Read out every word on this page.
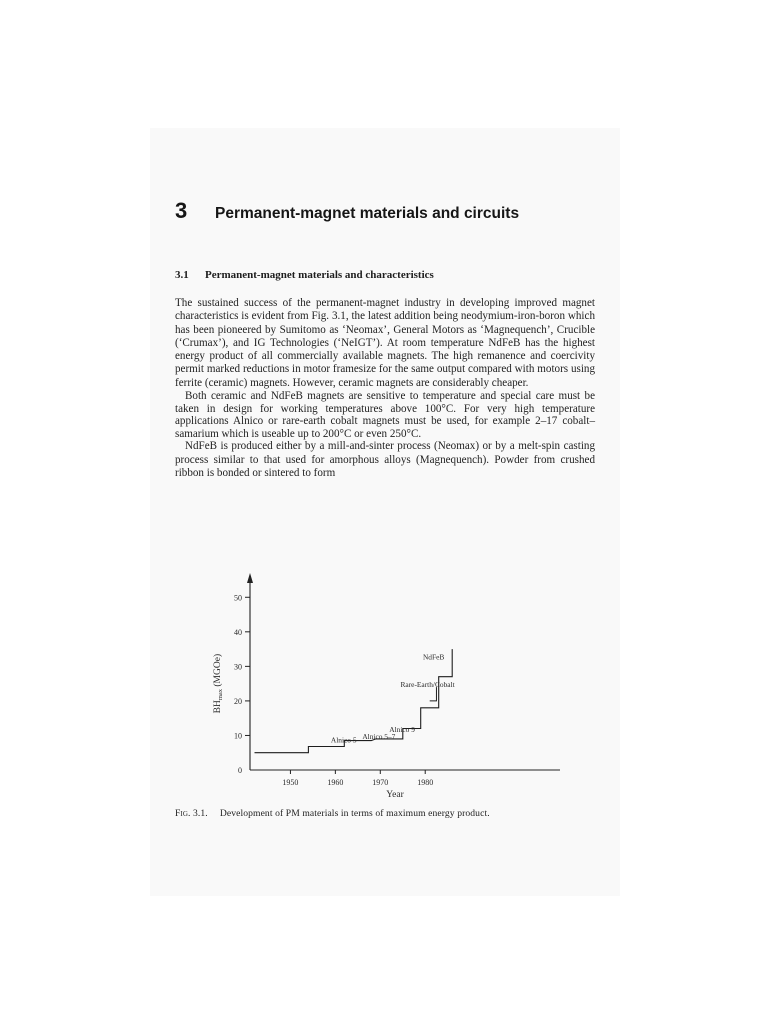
3 Permanent-magnet materials and circuits
3.1 Permanent-magnet materials and characteristics

The sustained success of the permanent-magnet industry in developing improved magnet characteristics is evident from Fig. 3.1, the latest addition being neodymium-iron-boron which has been pioneered by Sumitomo as ‘Neomax’, General Motors as ‘Magnequench’, Crucible (‘Crumax’), and IG Technologies (‘NeIGT’). At room temperature NdFeB has the highest energy product of all commercially available magnets. The high remanence and coercivity permit marked reductions in motor framesize for the same output compared with motors using ferrite (ceramic) magnets. However, ceramic magnets are considerably cheaper.

Both ceramic and NdFeB magnets are sensitive to temperature and special care must be taken in design for working temperatures above 100°C. For very high temperature applications Alnico or rare-earth cobalt magnets must be used, for example 2–17 cobalt–samarium which is useable up to 200°C or even 250°C.

NdFeB is produced either by a mill-and-sinter process (Neomax) or by a melt-spin casting process similar to that used for amorphous alloys (Magnequench). Powder from crushed ribbon is bonded or sintered to form

0
10
20
30
40
50
1950	1960	1970	1980
Year
$BH_{max}$ (MGOe)
Alnico 5 Alnico 5–7
Alnico 9
Rare-Earth/Cobalt
NdFeB
Fig. 3.1. Development of PM materials in terms of maximum energy product.
